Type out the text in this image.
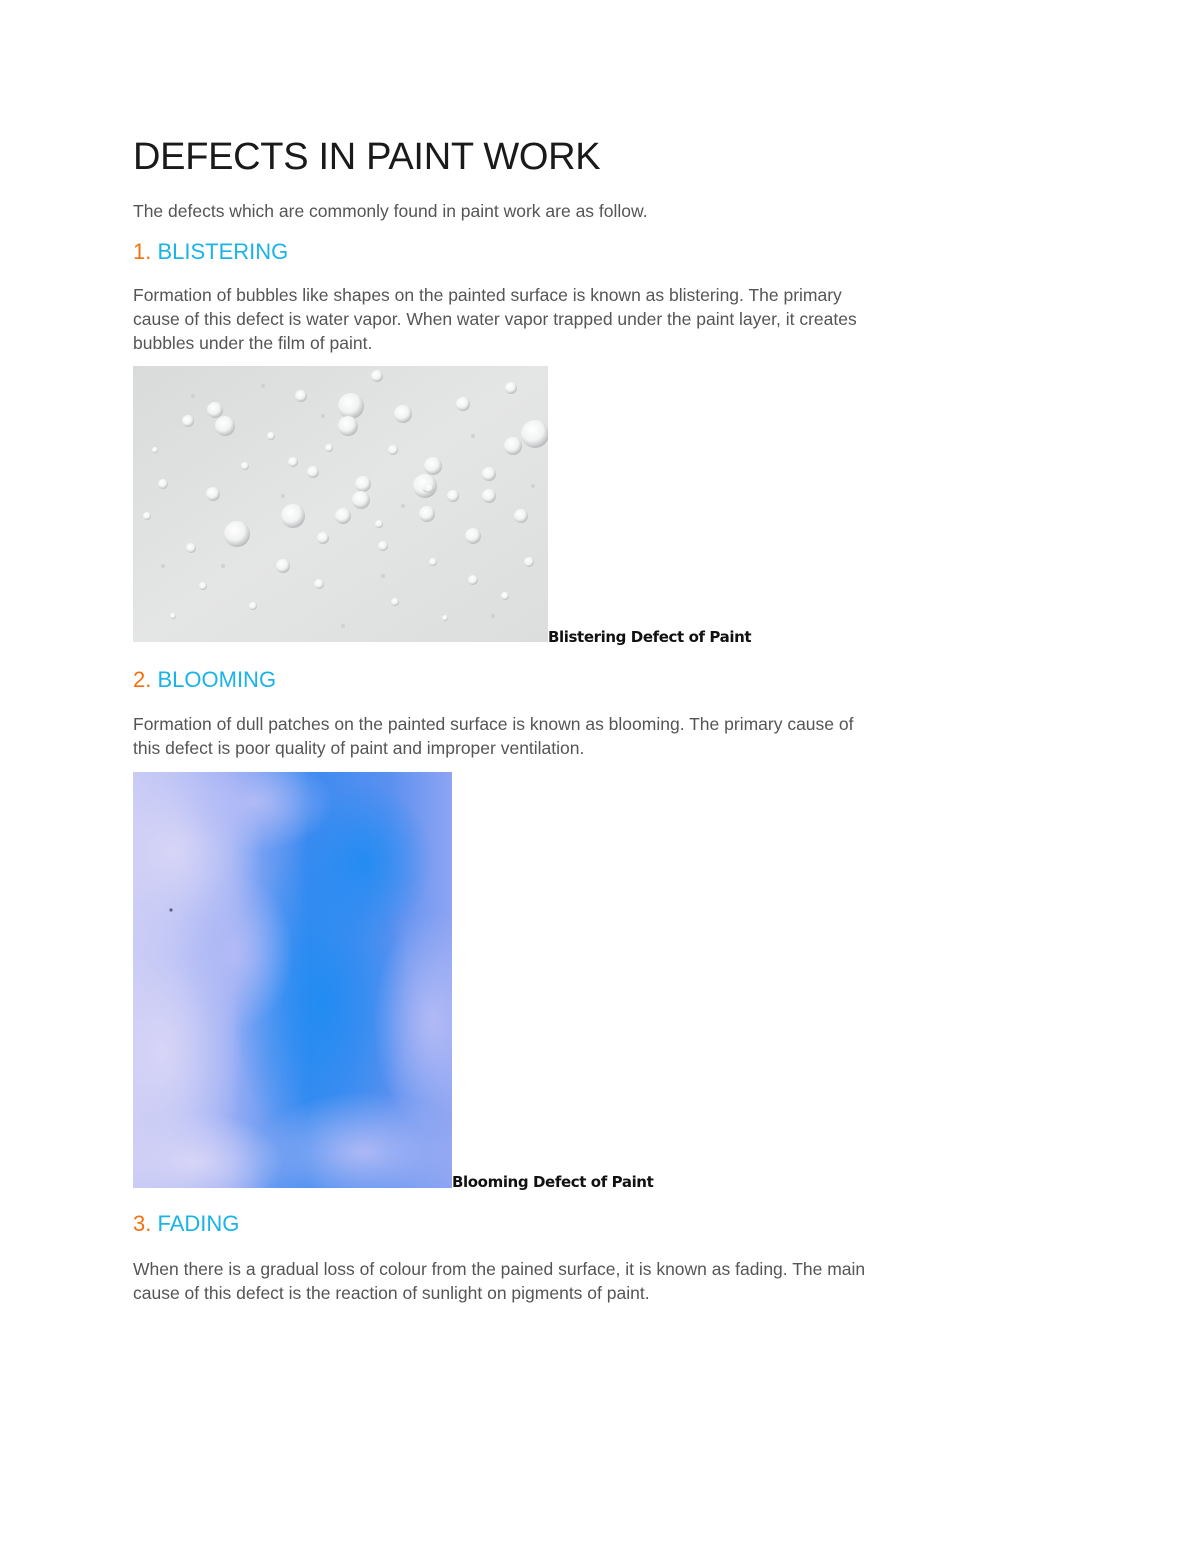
DEFECTS IN PAINT WORK
The defects which are commonly found in paint work are as follow.
1. BLISTERING

Formation of bubbles like shapes on the painted surface is known as blistering. The primary
cause of this defect is water vapor. When water vapor trapped under the paint layer, it creates
bubbles under the film of paint.

Blistering Defect of Paint
2. BLOOMING

Formation of dull patches on the painted surface is known as blooming. The primary cause of
this defect is poor quality of paint and improper ventilation.

Blooming Defect of Paint
3. FADING

When there is a gradual loss of colour from the pained surface, it is known as fading. The main
cause of this defect is the reaction of sunlight on pigments of paint.
